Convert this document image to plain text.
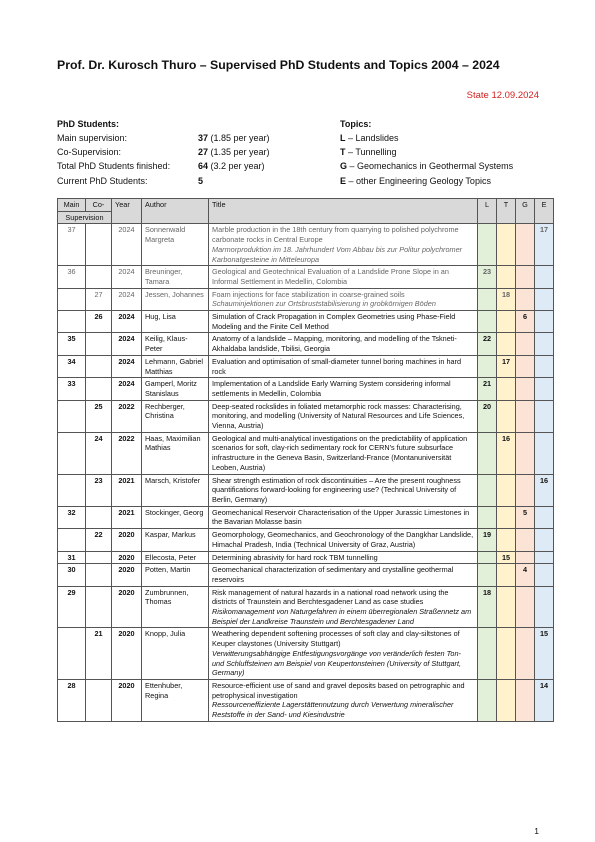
Prof. Dr. Kurosch Thuro – Supervised PhD Students and Topics 2004 – 2024
State 12.09.2024
PhD Students:
Main supervision:	37 (1.85 per year)
Co-Supervision:	27 (1.35 per year)
Total PhD Students finished:	64 (3.2 per year)
Current PhD Students:	5
Topics:
L – Landslides
T – Tunnelling
G – Geomechanics in Geothermal Systems
E – other Engineering Geology Topics
Main	Co-	Year	Author	Title	L	T	G	E
Supervision								
37		2024	Sonnenwald Margreta	Marble production in the 18th century from quarrying to polished polychrome carbonate rocks in Central Europe
Marmorproduktion im 18. Jahrhundert Vom Abbau bis zur Politur polychromer Karbonatgesteine in Mitteleuropa				17
36		2024	Breuninger, Tamara	Geological and Geotechnical Evaluation of a Landslide Prone Slope in an Informal Settlement in Medellin, Colombia	23			
	27	2024	Jessen, Johannes	Foam injections for face stabilization in coarse-grained soils
Schauminjektionen zur Ortsbruststabilisierung in grobkörnigen Böden		18		
	26	2024	Hug, Lisa	Simulation of Crack Propagation in Complex Geometries using Phase-Field Modeling and the Finite Cell Method			6	
35		2024	Keilig, Klaus-Peter	Anatomy of a landslide – Mapping, monitoring, and modelling of the Tskneti-Akhaldaba landslide, Tbilisi, Georgia	22			
34		2024	Lehmann, Gabriel Matthias	Evaluation and optimisation of small-diameter tunnel boring machines in hard rock		17		
33		2024	Gamperl, Moritz Stanislaus	Implementation of a Landslide Early Warning System considering informal settlements in Medellin, Colombia	21			
	25	2022	Rechberger, Christina	Deep-seated rockslides in foliated metamorphic rock masses: Characterising, monitoring, and modelling (University of Natural Resources and Life Sciences, Vienna, Austria)	20			
	24	2022	Haas, Maximilian Mathias	Geological and multi-analytical investigations on the predictability of application scenarios for soft, clay-rich sedimentary rock for CERN's future subsurface infrastructure in the Geneva Basin, Switzerland-France (Montanuniversität Leoben, Austria)		16		
	23	2021	Marsch, Kristofer	Shear strength estimation of rock discontinuities – Are the present roughness quantifications forward-looking for engineering use? (Technical University of Berlin, Germany)				16
32		2021	Stockinger, Georg	Geomechanical Reservoir Characterisation of the Upper Jurassic Limestones in the Bavarian Molasse basin			5	
	22	2020	Kaspar, Markus	Geomorphology, Geomechanics, and Geochronology of the Dangkhar Landslide, Himachal Pradesh, India (Technical University of Graz, Austria)	19			
31		2020	Ellecosta, Peter	Determining abrasivity for hard rock TBM tunnelling		15		
30		2020	Potten, Martin	Geomechanical characterization of sedimentary and crystalline geothermal reservoirs			4	
29		2020	Zumbrunnen, Thomas	Risk management of natural hazards in a national road network using the districts of Traunstein and Berchtesgadener Land as case studies
Risikomanagement von Naturgefahren in einem überregionalen Straßennetz am Beispiel der Landkreise Traunstein und Berchtesgadener Land	18			
	21	2020	Knopp, Julia	Weathering dependent softening processes of soft clay and clay-siltstones of Keuper claystones (University Stuttgart)
Verwitterungsabhängige Entfestigungsvorgänge von veränderlich festen Ton- und Schluffsteinen am Beispiel von Keupertonsteinen (University of Stuttgart, Germany)				15
28		2020	Ettenhuber, Regina	Resource-efficient use of sand and gravel deposits based on petrographic and petrophysical investigation
Ressourceneffiziente Lagerstättennutzung durch Verwertung mineralischer Reststoffe in der Sand- und Kiesindustrie				14
1
